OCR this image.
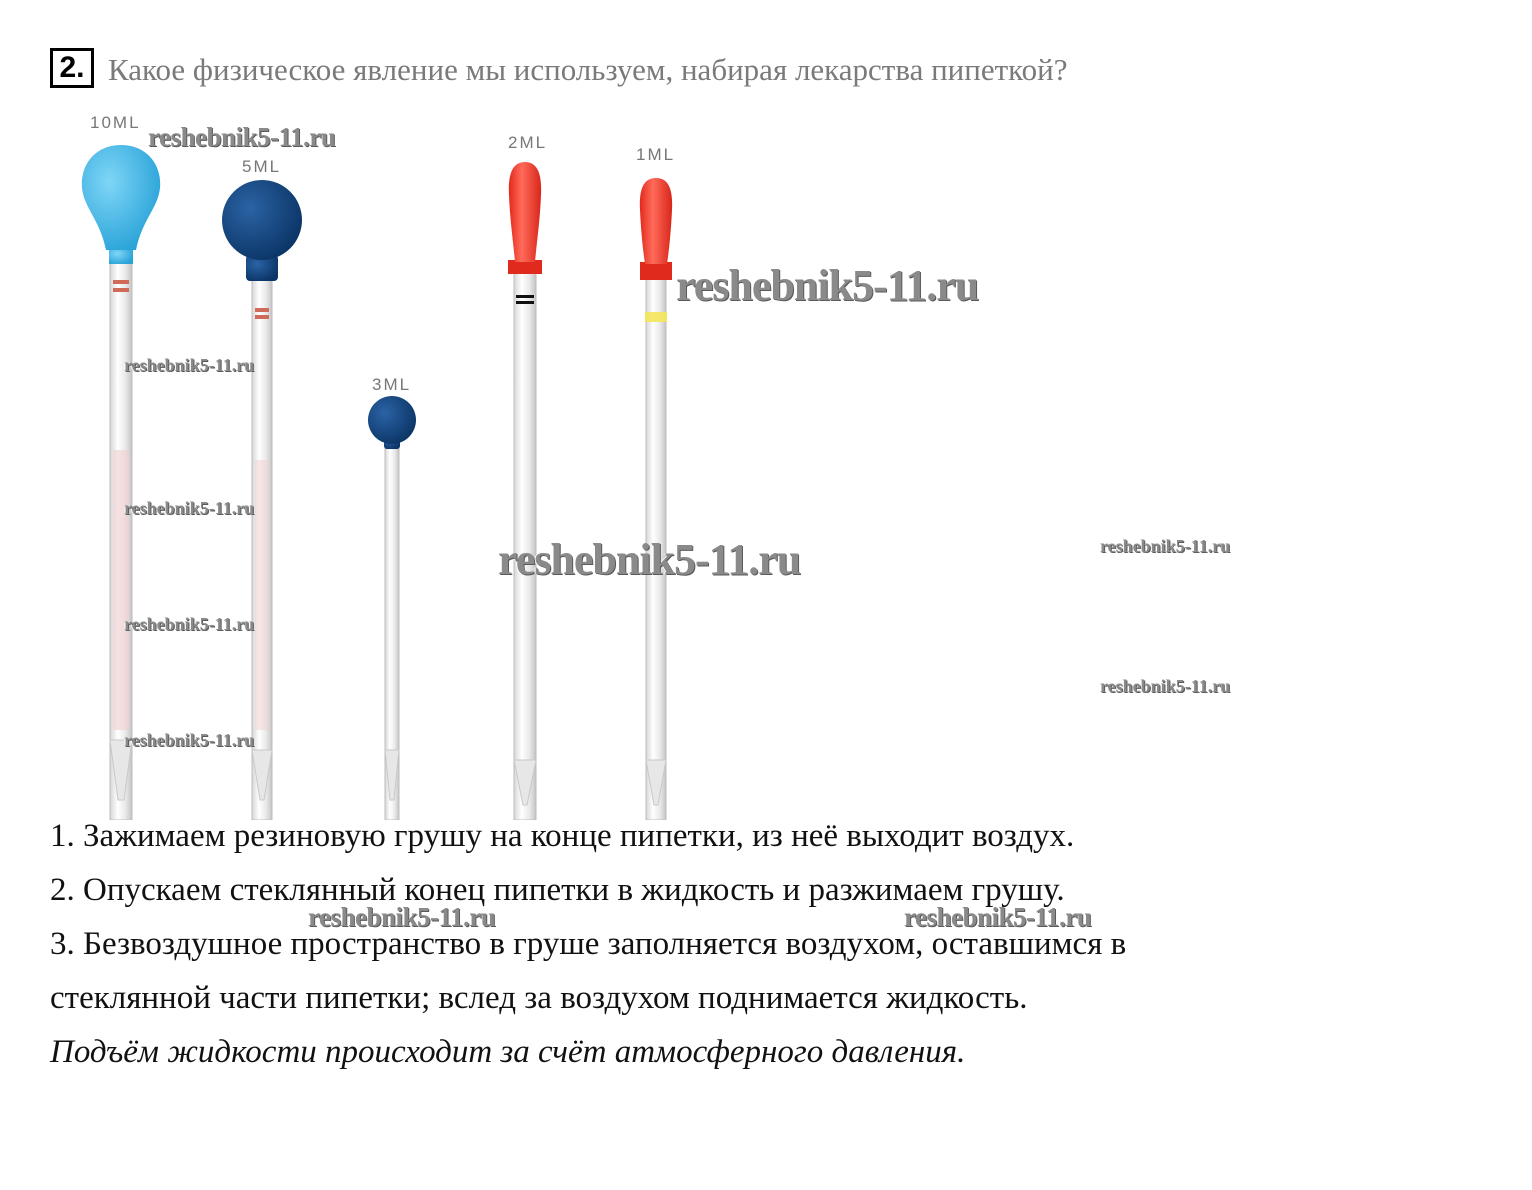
2. Какое физическое явление мы используем, набирая лекарства пипеткой?
10ML
5ML
3ML
2ML
1ML
reshebnik5-11.ru
reshebnik5-11.ru
reshebnik5-11.ru
reshebnik5-11.ru
reshebnik5-11.ru	reshebnik5-11.ru
reshebnik5-11.ru
reshebnik5-11.ru
reshebnik5-11.ru
1. Зажимаем резиновую грушу на конце пипетки, из неё выходит воздух.
2. Опускаем стеклянный конец пипетки в жидкость и разжимаем грушу.
reshebnik5-11.ru	reshebnik5-11.ru
3. Безвоздушное пространство в груше заполняется воздухом, оставшимся в
стеклянной части пипетки; вслед за воздухом поднимается жидкость.
Подъём жидкости происходит за счёт атмосферного давления.
